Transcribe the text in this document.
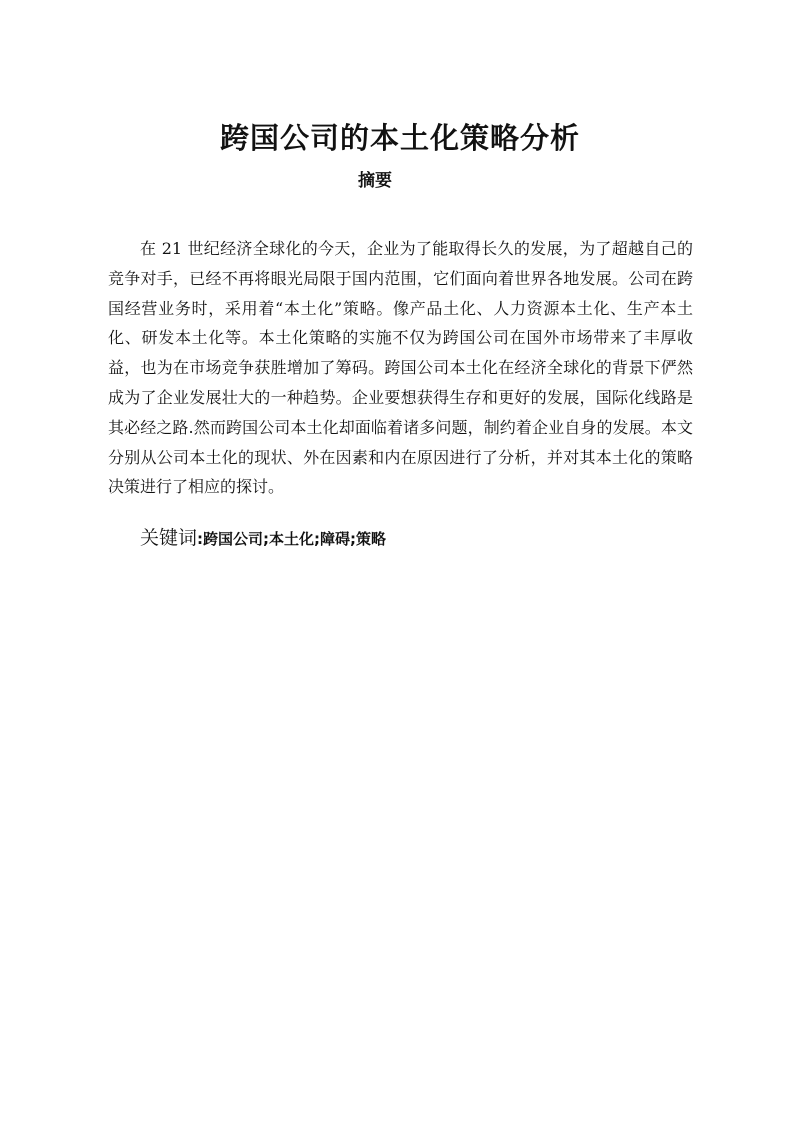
跨国公司的本土化策略分析
摘要

在 21 世纪经济全球化的今天，企业为了能取得长久的发展，为了超越自己的竞争对手，已经不再将眼光局限于国内范围，它们面向着世界各地发展。公司在跨国经营业务时，采用着“本土化”策略。像产品土化、人力资源本土化、生产本土化、研发本土化等。本土化策略的实施不仅为跨国公司在国外市场带来了丰厚收益，也为在市场竞争获胜增加了筹码。跨国公司本土化在经济全球化的背景下俨然成为了企业发展壮大的一种趋势。企业要想获得生存和更好的发展，国际化线路是其必经之路.然而跨国公司本土化却面临着诸多问题，制约着企业自身的发展。本文分别从公司本土化的现状、外在因素和内在原因进行了分析，并对其本土化的策略决策进行了相应的探讨。

关键词:跨国公司;本土化;障碍;策略
